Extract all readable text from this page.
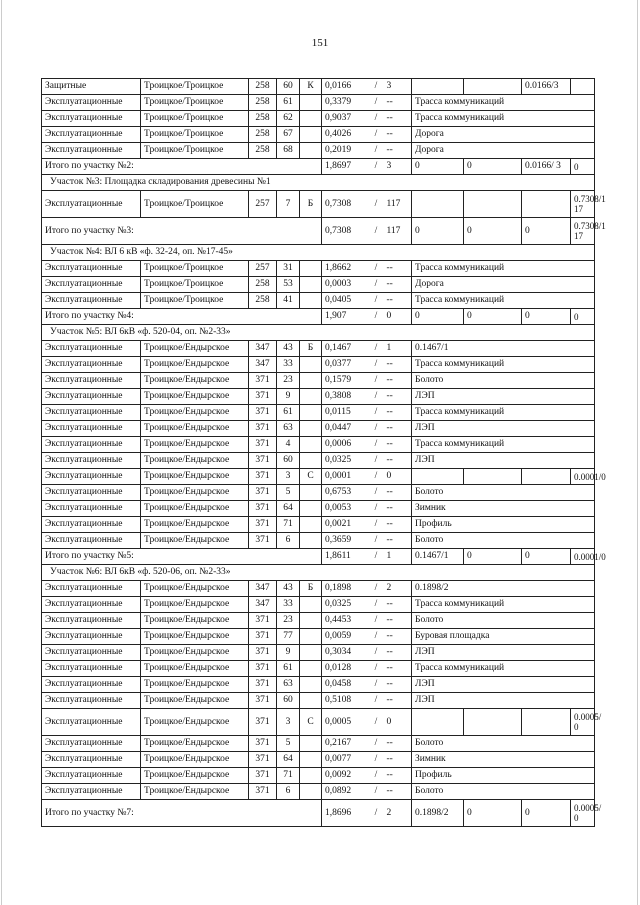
151
Защитные	Троицкое/Троицкое	258	60	К	0,0166	/	3			0.0166/3	
Эксплуатационные	Троицкое/Троицкое	258	61		0,3379	/	--	Трасса коммуникаций			
Эксплуатационные	Троицкое/Троицкое	258	62		0,9037	/	--	Трасса коммуникаций			
Эксплуатационные	Троицкое/Троицкое	258	67		0,4026	/	--	Дорога			
Эксплуатационные	Троицкое/Троицкое	258	68		0,2019	/	--	Дорога			
Итого по участку №2:					1,8697	/	3	0	0	0.0166/ 3	0
Участок №3: Площадка складирования древесины №1											
Эксплуатационные	Троицкое/Троицкое	257	7	Б	0,7308	/	117				0.7308/1 17
Итого по участку №3:					0,7308	/	117	0	0	0	0.7308/1 17
Участок №4: ВЛ 6 кВ «ф. 32-24, оп. №17-45»											
Эксплуатационные	Троицкое/Троицкое	257	31		1,8662	/	--	Трасса коммуникаций			
Эксплуатационные	Троицкое/Троицкое	258	53		0,0003	/	--	Дорога			
Эксплуатационные	Троицкое/Троицкое	258	41		0,0405	/	--	Трасса коммуникаций			
Итого по участку №4:					1,907	/	0	0	0	0	0
Участок №5: ВЛ 6кВ «ф. 520-04, оп. №2-33»											
Эксплуатационные	Троицкое/Ендырское	347	43	Б	0,1467	/	1	0.1467/1			
Эксплуатационные	Троицкое/Ендырское	347	33		0,0377	/	--	Трасса коммуникаций			
Эксплуатационные	Троицкое/Ендырское	371	23		0,1579	/	--	Болото			
Эксплуатационные	Троицкое/Ендырское	371	9		0,3808	/	--	ЛЭП			
Эксплуатационные	Троицкое/Ендырское	371	61		0,0115	/	--	Трасса коммуникаций			
Эксплуатационные	Троицкое/Ендырское	371	63		0,0447	/	--	ЛЭП			
Эксплуатационные	Троицкое/Ендырское	371	4		0,0006	/	--	Трасса коммуникаций			
Эксплуатационные	Троицкое/Ендырское	371	60		0,0325	/	--	ЛЭП			
Эксплуатационные	Троицкое/Ендырское	371	3	С	0,0001	/	0				0.0001/0
Эксплуатационные	Троицкое/Ендырское	371	5		0,6753	/	--	Болото			
Эксплуатационные	Троицкое/Ендырское	371	64		0,0053	/	--	Зимник			
Эксплуатационные	Троицкое/Ендырское	371	71		0,0021	/	--	Профиль			
Эксплуатационные	Троицкое/Ендырское	371	6		0,3659	/	--	Болото			
Итого по участку №5:					1,8611	/	1	0.1467/1	0	0	0.0001/0
Участок №6: ВЛ 6кВ «ф. 520-06, оп. №2-33»											
Эксплуатационные	Троицкое/Ендырское	347	43	Б	0,1898	/	2	0.1898/2			
Эксплуатационные	Троицкое/Ендырское	347	33		0,0325	/	--	Трасса коммуникаций			
Эксплуатационные	Троицкое/Ендырское	371	23		0,4453	/	--	Болото			
Эксплуатационные	Троицкое/Ендырское	371	77		0,0059	/	--	Буровая площадка			
Эксплуатационные	Троицкое/Ендырское	371	9		0,3034	/	--	ЛЭП			
Эксплуатационные	Троицкое/Ендырское	371	61		0,0128	/	--	Трасса коммуникаций			
Эксплуатационные	Троицкое/Ендырское	371	63		0,0458	/	--	ЛЭП			
Эксплуатационные	Троицкое/Ендырское	371	60		0,5108	/	--	ЛЭП			
Эксплуатационные	Троицкое/Ендырское	371	3	С	0,0005	/	0				0.0005/ 0
Эксплуатационные	Троицкое/Ендырское	371	5		0,2167	/	--	Болото			
Эксплуатационные	Троицкое/Ендырское	371	64		0,0077	/	--	Зимник			
Эксплуатационные	Троицкое/Ендырское	371	71		0,0092	/	--	Профиль			
Эксплуатационные	Троицкое/Ендырское	371	6		0,0892	/	--	Болото			
Итого по участку №7:					1,8696	/	2	0.1898/2	0	0	0.0005/ 0
